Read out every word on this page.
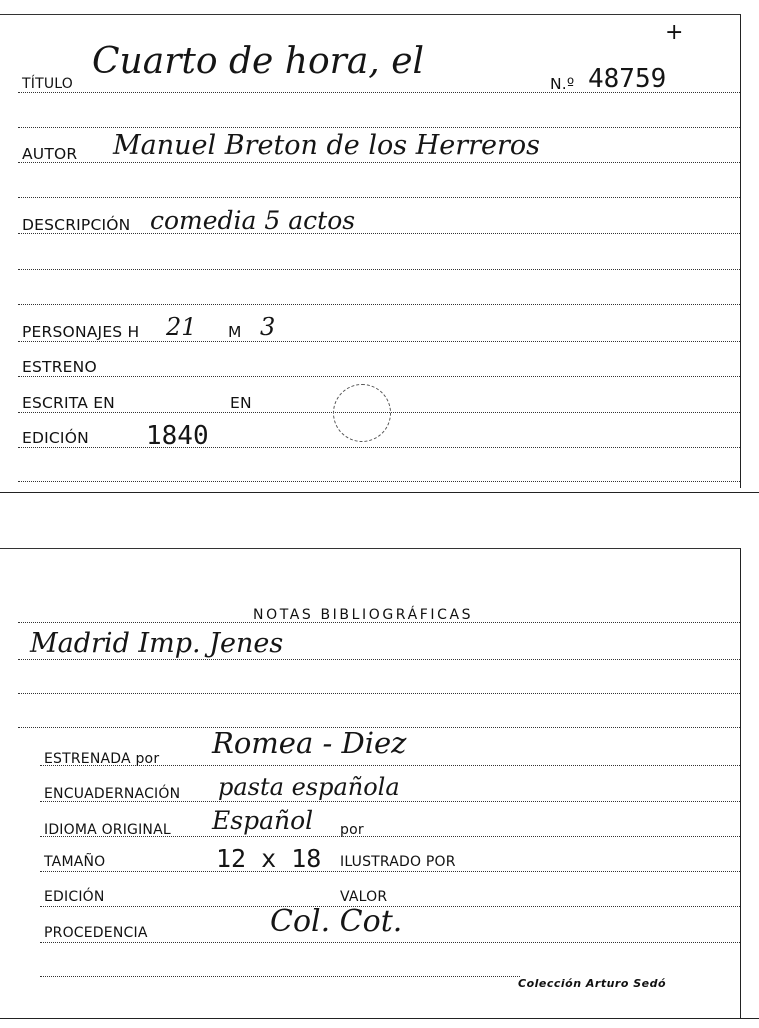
+
TÍTULO
Cuarto de hora, el
N.º 48759
AUTOR Manuel Breton de los Herreros
DESCRIPCIÓN comedia 5 actos
PERSONAJES H 21 M 3
ESTRENO
ESCRITA EN	EN
EDICIÓN 1840
NOTAS BIBLIOGRÁFICAS
Madrid Imp. Jenes
ESTRENADA por Romea - Diez
ENCUADERNACIÓN pasta española
IDIOMA ORIGINAL Español por
TAMAÑO	12 x 18 ILUSTRADO POR
EDICIÓN	VALOR
PROCEDENCIA	Col. Cot.
Colección Arturo Sedó
